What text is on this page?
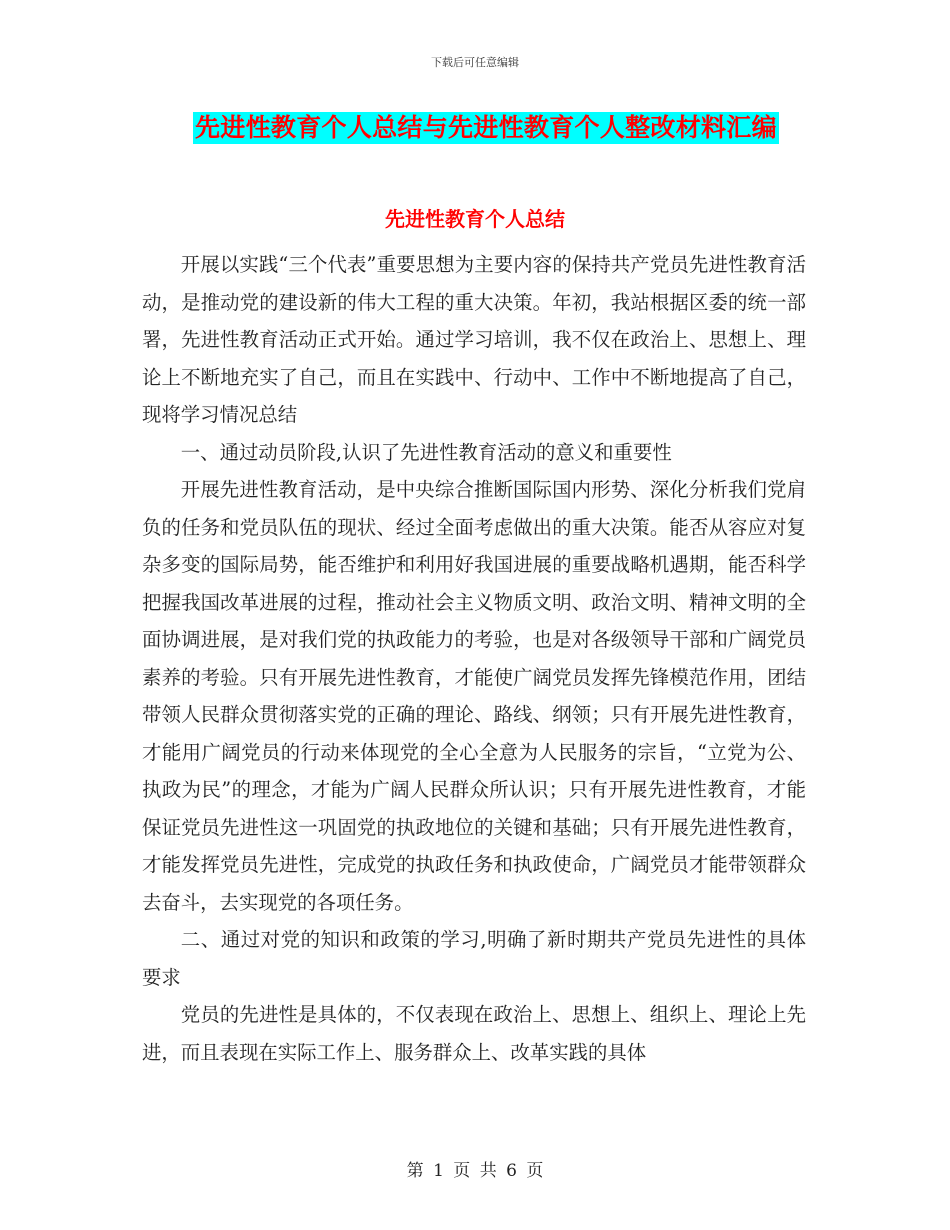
下载后可任意编辑
先进性教育个人总结与先进性教育个人整改材料汇编
先进性教育个人总结

开展以实践“三个代表”重要思想为主要内容的保持共产党员先进性教育活动，是推动党的建设新的伟大工程的重大决策。年初，我站根据区委的统一部署，先进性教育活动正式开始。通过学习培训，我不仅在政治上、思想上、理论上不断地充实了自己，而且在实践中、行动中、工作中不断地提高了自己，现将学习情况总结

一、通过动员阶段,认识了先进性教育活动的意义和重要性

开展先进性教育活动，是中央综合推断国际国内形势、深化分析我们党肩负的任务和党员队伍的现状、经过全面考虑做出的重大决策。能否从容应对复杂多变的国际局势，能否维护和利用好我国进展的重要战略机遇期，能否科学把握我国改革进展的过程，推动社会主义物质文明、政治文明、精神文明的全面协调进展，是对我们党的执政能力的考验，也是对各级领导干部和广阔党员素养的考验。只有开展先进性教育，才能使广阔党员发挥先锋模范作用，团结带领人民群众贯彻落实党的正确的理论、路线、纲领；只有开展先进性教育，才能用广阔党员的行动来体现党的全心全意为人民服务的宗旨，“立党为公、执政为民”的理念，才能为广阔人民群众所认识；只有开展先进性教育，才能保证党员先进性这一巩固党的执政地位的关键和基础；只有开展先进性教育，才能发挥党员先进性，完成党的执政任务和执政使命，广阔党员才能带领群众去奋斗，去实现党的各项任务。

二、通过对党的知识和政策的学习,明确了新时期共产党员先进性的具体要求

党员的先进性是具体的，不仅表现在政治上、思想上、组织上、理论上先进，而且表现在实际工作上、服务群众上、改革实践的具体

第 1 页 共 6 页
